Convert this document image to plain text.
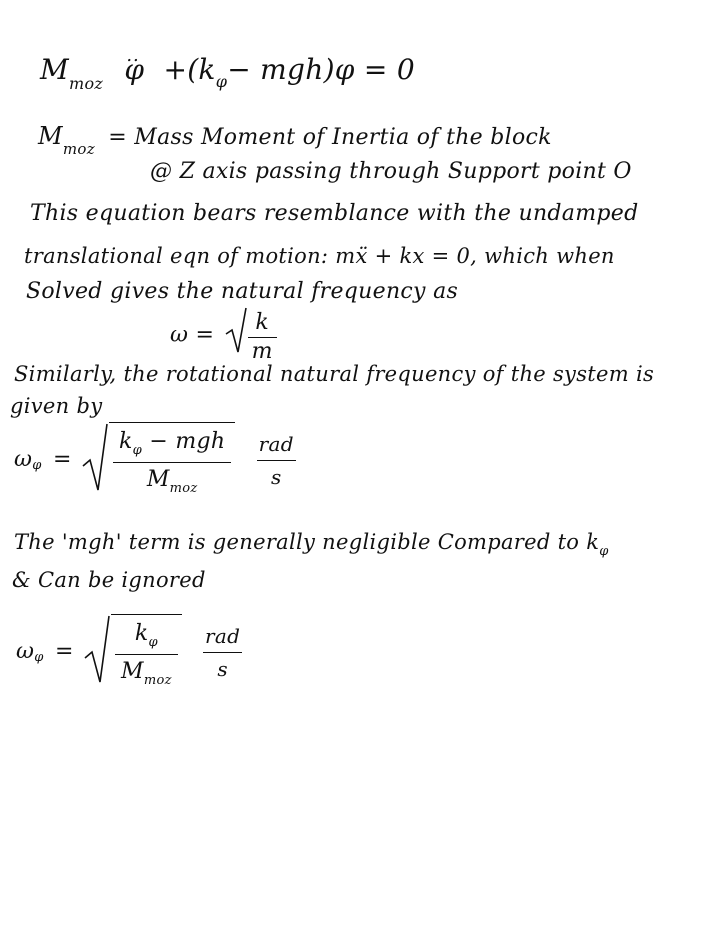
$M_{moz}$ .. $\varphi +(k_\varphi- mgh)\varphi = 0$
$M_{moz}$ = Mass Moment of Inertia of the block
@ Z axis passing through Support point O
This equation bears resemblance with the undamped
translational eqn of motion: mẍ + kx = 0, which when
Solved gives the natural frequency as
$\omega = \frac{k}{m}$
Similarly, the rotational natural frequency of the system is
given by
$\omega_\varphi = \frac{k_\varphi - mgh}{M_{moz}}$
$\frac{\text{rad}}{s}$
The 'mgh' term is generally negligible Compared to $k_\varphi$
& Can be ignored
$\omega_\varphi = \frac{k_\varphi}{M_{moz}}$
$\frac{\text{rad}}{s}$
